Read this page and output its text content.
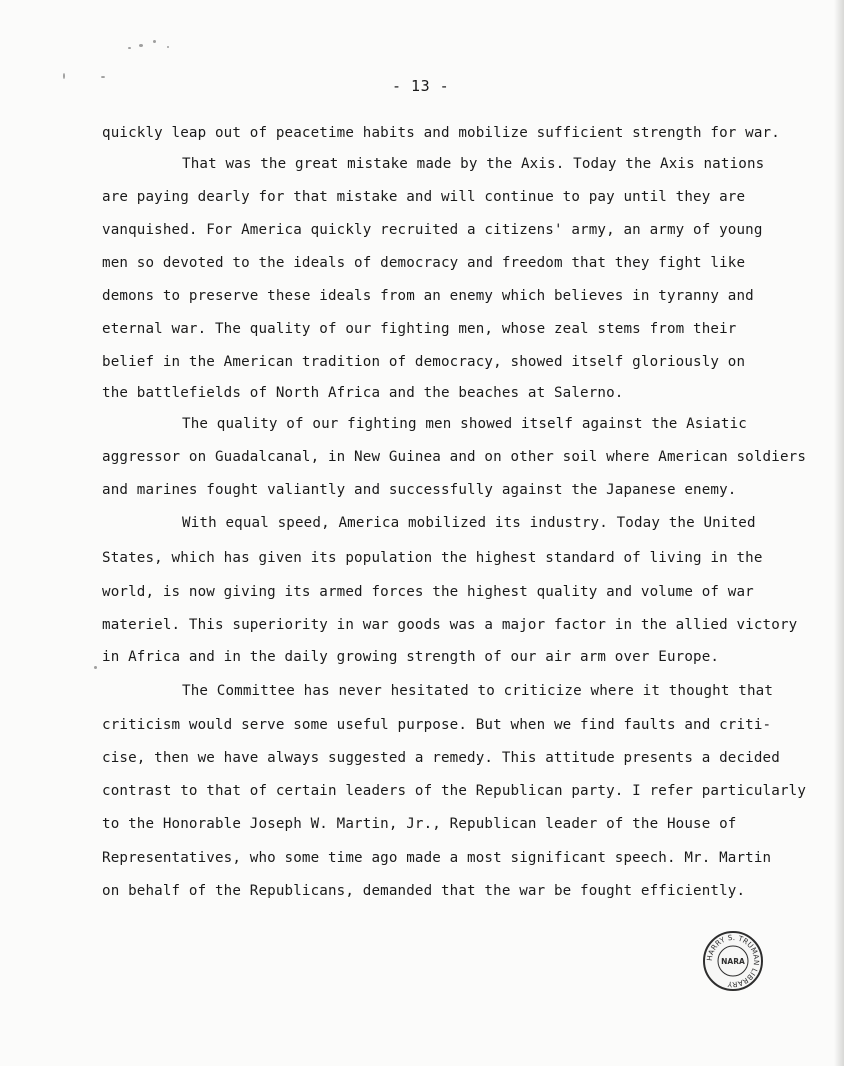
- 13 -
quickly leap out of peacetime habits and mobilize sufficient strength for war.
That was the great mistake made by the Axis. Today the Axis nations
are paying dearly for that mistake and will continue to pay until they are
vanquished. For America quickly recruited a citizens' army, an army of young
men so devoted to the ideals of democracy and freedom that they fight like
demons to preserve these ideals from an enemy which believes in tyranny and
eternal war. The quality of our fighting men, whose zeal stems from their
belief in the American tradition of democracy, showed itself gloriously on
the battlefields of North Africa and the beaches at Salerno.
The quality of our fighting men showed itself against the Asiatic
aggressor on Guadalcanal, in New Guinea and on other soil where American soldiers
and marines fought valiantly and successfully against the Japanese enemy.
With equal speed, America mobilized its industry. Today the United
States, which has given its population the highest standard of living in the
world, is now giving its armed forces the highest quality and volume of war
materiel. This superiority in war goods was a major factor in the allied victory
in Africa and in the daily growing strength of our air arm over Europe.
The Committee has never hesitated to criticize where it thought that
criticism would serve some useful purpose. But when we find faults and criti-
cise, then we have always suggested a remedy. This attitude presents a decided
contrast to that of certain leaders of the Republican party. I refer particularly
to the Honorable Joseph W. Martin, Jr., Republican leader of the House of
Representatives, who some time ago made a most significant speech. Mr. Martin
on behalf of the Republicans, demanded that the war be fought efficiently.
HARRY S. TRUMAN LIBRARY
NARA
